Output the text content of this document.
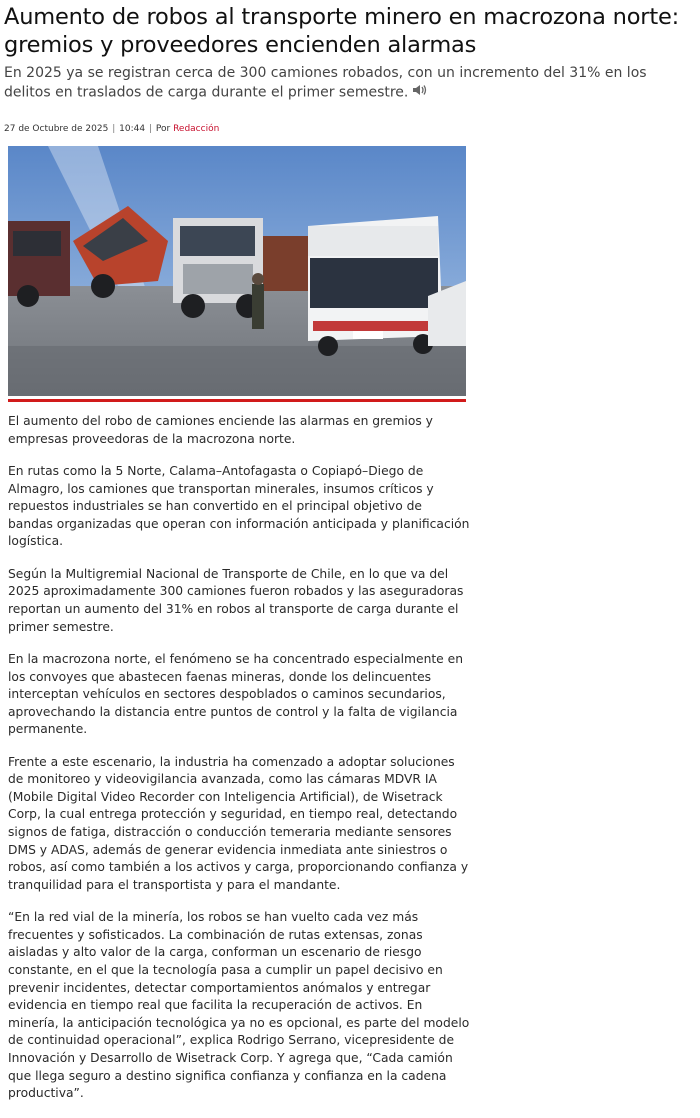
Aumento de robos al transporte minero en macrozona norte: gremios y proveedores encienden alarmas

En 2025 ya se registran cerca de 300 camiones robados, con un incremento del 31% en los delitos en traslados de carga durante el primer semestre.

27 de Octubre de 2025 | 10:44 | Por Redacción

El aumento del robo de camiones enciende las alarmas en gremios y empresas proveedoras de la macrozona norte.

En rutas como la 5 Norte, Calama–Antofagasta o Copiapó–Diego de Almagro, los camiones que transportan minerales, insumos críticos y repuestos industriales se han convertido en el principal objetivo de bandas organizadas que operan con información anticipada y planificación logística.

Según la Multigremial Nacional de Transporte de Chile, en lo que va del 2025 aproximadamente 300 camiones fueron robados y las aseguradoras reportan un aumento del 31% en robos al transporte de carga durante el primer semestre.

En la macrozona norte, el fenómeno se ha concentrado especialmente en los convoyes que abastecen faenas mineras, donde los delincuentes interceptan vehículos en sectores despoblados o caminos secundarios, aprovechando la distancia entre puntos de control y la falta de vigilancia permanente.

Frente a este escenario, la industria ha comenzado a adoptar soluciones de monitoreo y videovigilancia avanzada, como las cámaras MDVR IA (Mobile Digital Video Recorder con Inteligencia Artificial), de Wisetrack Corp, la cual entrega protección y seguridad, en tiempo real, detectando signos de fatiga, distracción o conducción temeraria mediante sensores DMS y ADAS, además de generar evidencia inmediata ante siniestros o robos, así como también a los activos y carga, proporcionando confianza y tranquilidad para el transportista y para el mandante.

“En la red vial de la minería, los robos se han vuelto cada vez más frecuentes y sofisticados. La combinación de rutas extensas, zonas aisladas y alto valor de la carga, conforman un escenario de riesgo constante, en el que la tecnología pasa a cumplir un papel decisivo en prevenir incidentes, detectar comportamientos anómalos y entregar evidencia en tiempo real que facilita la recuperación de activos. En minería, la anticipación tecnológica ya no es opcional, es parte del modelo de continuidad operacional”, explica Rodrigo Serrano, vicepresidente de Innovación y Desarrollo de Wisetrack Corp. Y agrega que, “Cada camión que llega seguro a destino significa confianza y confianza en la cadena productiva”.
